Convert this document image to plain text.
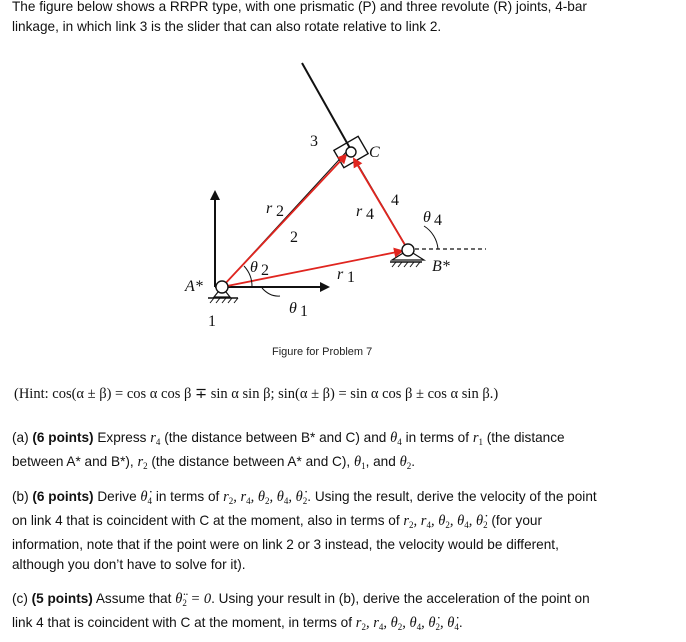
The figure below shows a RRPR type, with one prismatic (P) and three revolute (R) joints, 4-bar
linkage, in which link 3 is the slider that can also rotate relative to link 2.
(Hint: cos(α ± β) = cos α cos β ∓ sin α sin β; sin(α ± β) = sin α cos β ± cos α sin β.)
(a) (6 points) Express $r_4$ (the distance between B* and C) and $\theta_4$ in terms of $r_1$ (the distance
between A* and B*), $r_2$ (the distance between A* and C), $\theta_1$, and $\theta_2$.
(b) (6 points) Derive $\thetȧ_4$ in terms of $r_2$, $r_4$, $\theta_2$, $\theta_4$, $\thetȧ_2$. Using the result, derive the velocity of the point
on link 4 that is coincident with C at the moment, also in terms of $r_2$, $r_4$, $\theta_2$, $\theta_4$, $\thetȧ_2$ (for your
information, note that if the point were on link 2 or 3 instead, the velocity would be different,
although you don’t have to solve for it).
(c) (5 points) Assume that $\thetä_2 = 0$. Using your result in (b), derive the acceleration of the point on
link 4 that is coincident with C at the moment, in terms of $r_2$, $r_4$, $\theta_2$, $\theta_4$, $\thetȧ_2$, $\thetȧ_4$.
A*
B*
C
1
2
3
4
r 2	r 4
r 1
θ 2
θ 1
θ 4
Figure for Problem 7
